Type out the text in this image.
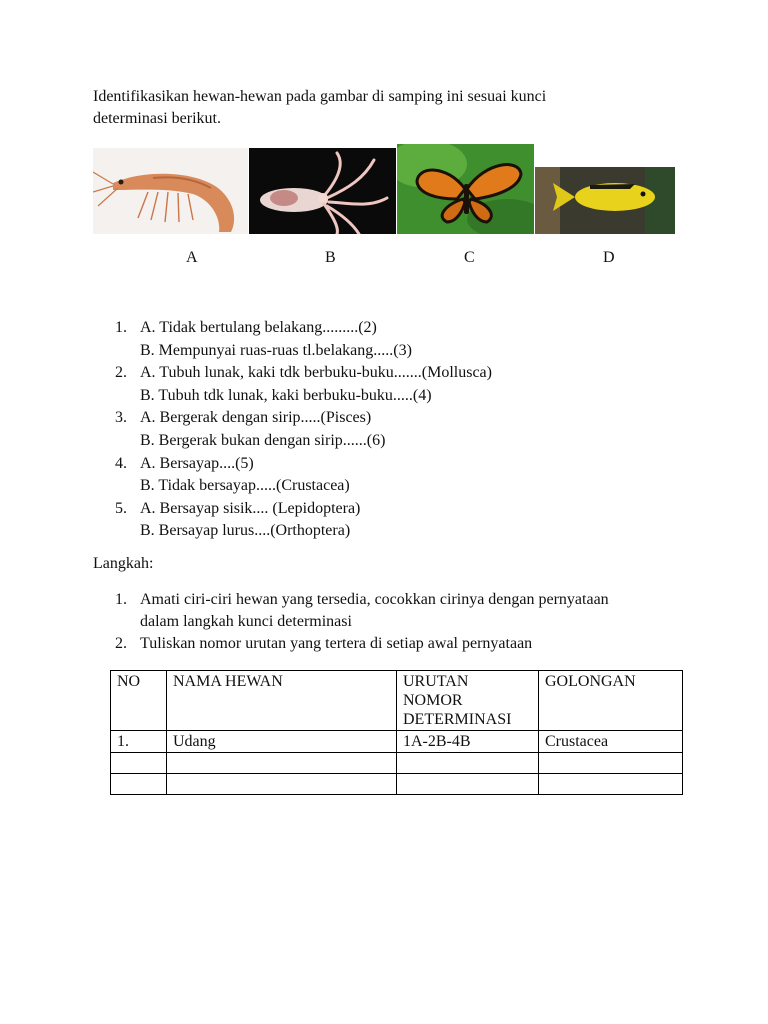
Identifikasikan hewan-hewan pada gambar di samping ini sesuai kunci
determinasi berikut.
A	B	C	D
1. A. Tidak bertulang belakang.........(2)
B. Mempunyai ruas-ruas tl.belakang.....(3)
2. A. Tubuh lunak, kaki tdk berbuku-buku.......(Mollusca)
B. Tubuh tdk lunak, kaki berbuku-buku.....(4)
3. A. Bergerak dengan sirip.....(Pisces)
B. Bergerak bukan dengan sirip......(6)
4. A. Bersayap....(5)
B. Tidak bersayap.....(Crustacea)
5. A. Bersayap sisik.... (Lepidoptera)
B. Bersayap lurus....(Orthoptera)
Langkah:
1. Amati ciri-ciri hewan yang tersedia, cocokkan cirinya dengan pernyataan
dalam langkah kunci determinasi
2. Tuliskan nomor urutan yang tertera di setiap awal pernyataan
NO	NAMA HEWAN	URUTAN
NOMOR
DETERMINASI	GOLONGAN
1.	Udang	1A-2B-4B	Crustacea
